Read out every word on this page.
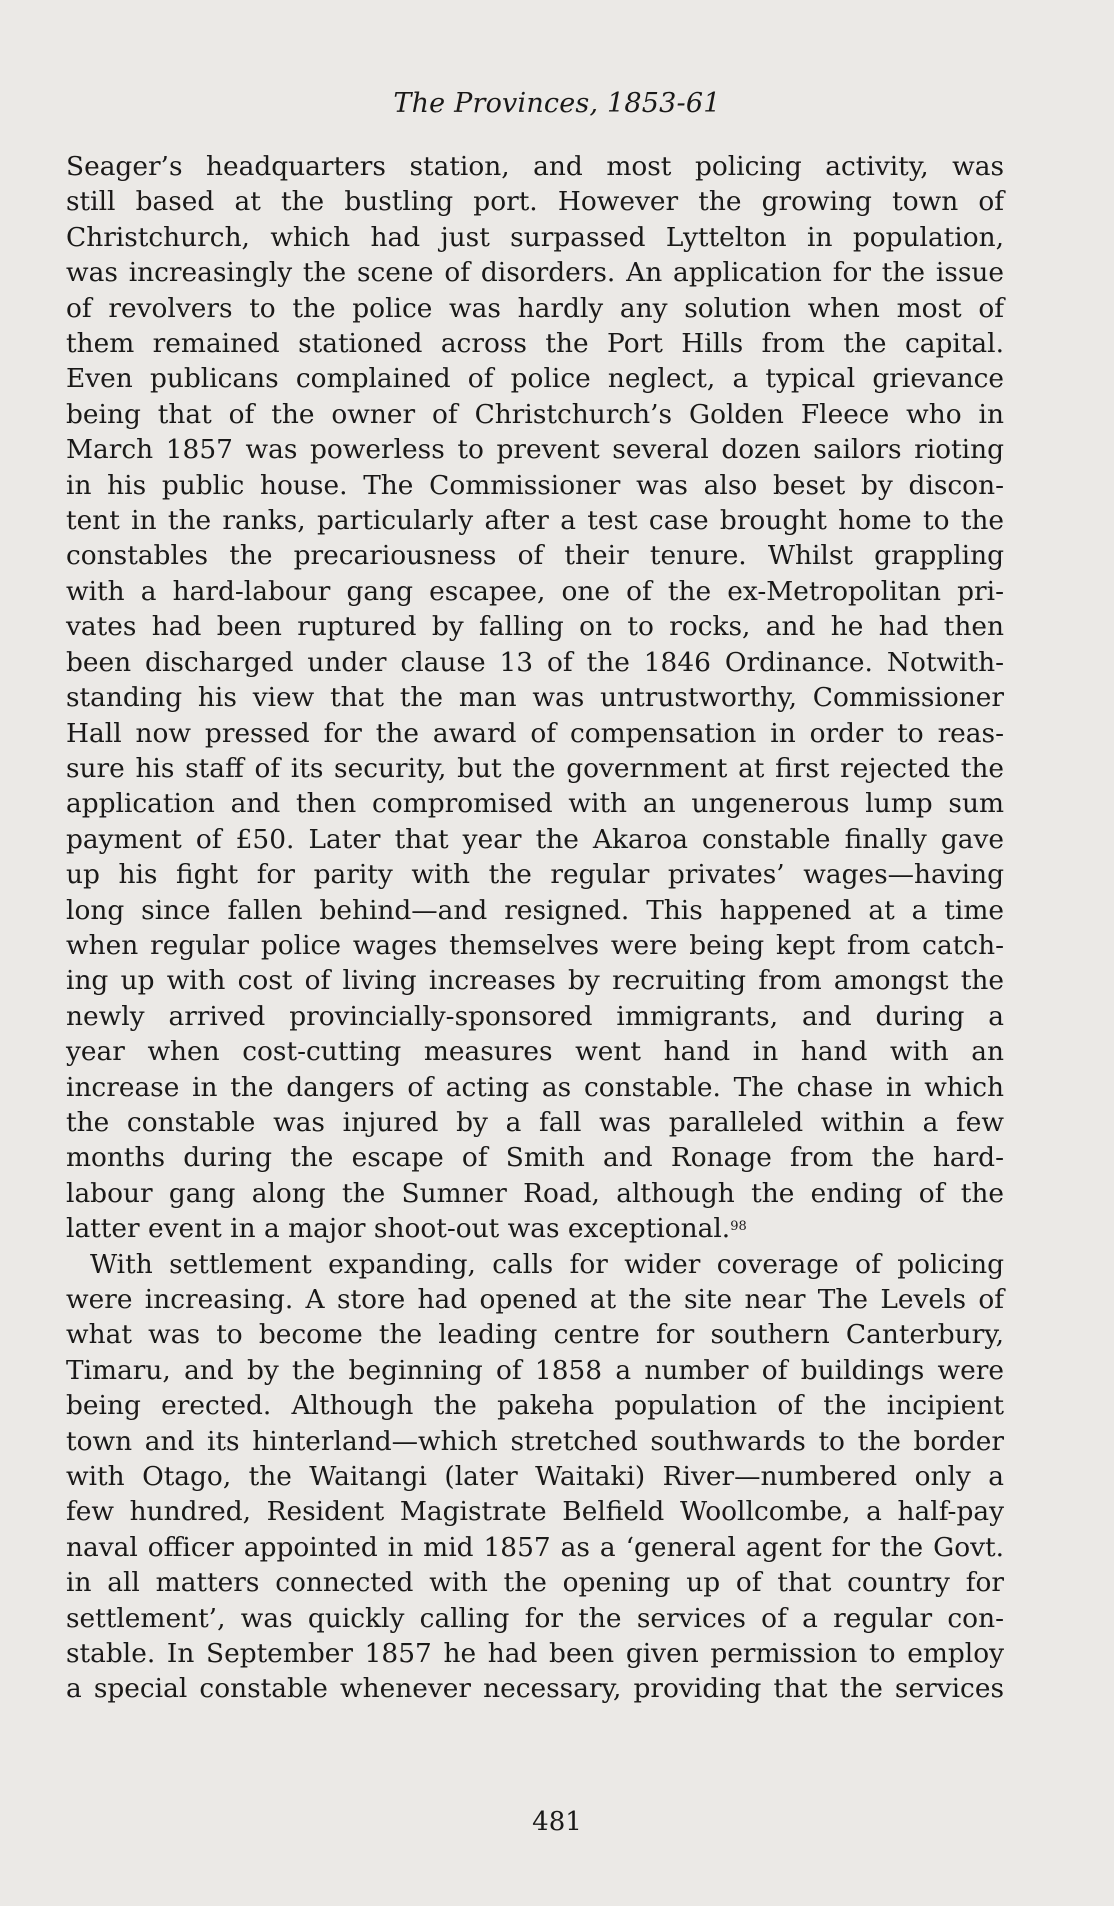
The Provinces, 1853-61
Seager’s headquarters station, and most policing activity, was
still based at the bustling port. However the growing town of
Christchurch, which had just surpassed Lyttelton in population,
was increasingly the scene of disorders. An application for the issue
of revolvers to the police was hardly any solution when most of
them remained stationed across the Port Hills from the capital.
Even publicans complained of police neglect, a typical grievance
being that of the owner of Christchurch’s Golden Fleece who in
March 1857 was powerless to prevent several dozen sailors rioting
in his public house. The Commissioner was also beset by discon-
tent in the ranks, particularly after a test case brought home to the
constables the precariousness of their tenure. Whilst grappling
with a hard-labour gang escapee, one of the ex-Metropolitan pri-
vates had been ruptured by falling on to rocks, and he had then
been discharged under clause 13 of the 1846 Ordinance. Notwith-
standing his view that the man was untrustworthy, Commissioner
Hall now pressed for the award of compensation in order to reas-
sure his staff of its security, but the government at first rejected the
application and then compromised with an ungenerous lump sum
payment of £50. Later that year the Akaroa constable finally gave
up his fight for parity with the regular privates’ wages—having
long since fallen behind—and resigned. This happened at a time
when regular police wages themselves were being kept from catch-
ing up with cost of living increases by recruiting from amongst the
newly arrived provincially-sponsored immigrants, and during a
year when cost-cutting measures went hand in hand with an
increase in the dangers of acting as constable. The chase in which
the constable was injured by a fall was paralleled within a few
months during the escape of Smith and Ronage from the hard-
labour gang along the Sumner Road, although the ending of the
latter event in a major shoot-out was exceptional.$^{98}$
With settlement expanding, calls for wider coverage of policing
were increasing. A store had opened at the site near The Levels of
what was to become the leading centre for southern Canterbury,
Timaru, and by the beginning of 1858 a number of buildings were
being erected. Although the pakeha population of the incipient
town and its hinterland—which stretched southwards to the border
with Otago, the Waitangi (later Waitaki) River—numbered only a
few hundred, Resident Magistrate Belfield Woollcombe, a half-pay
naval officer appointed in mid 1857 as a ‘general agent for the Govt.
in all matters connected with the opening up of that country for
settlement’, was quickly calling for the services of a regular con-
stable. In September 1857 he had been given permission to employ
a special constable whenever necessary, providing that the services
481
